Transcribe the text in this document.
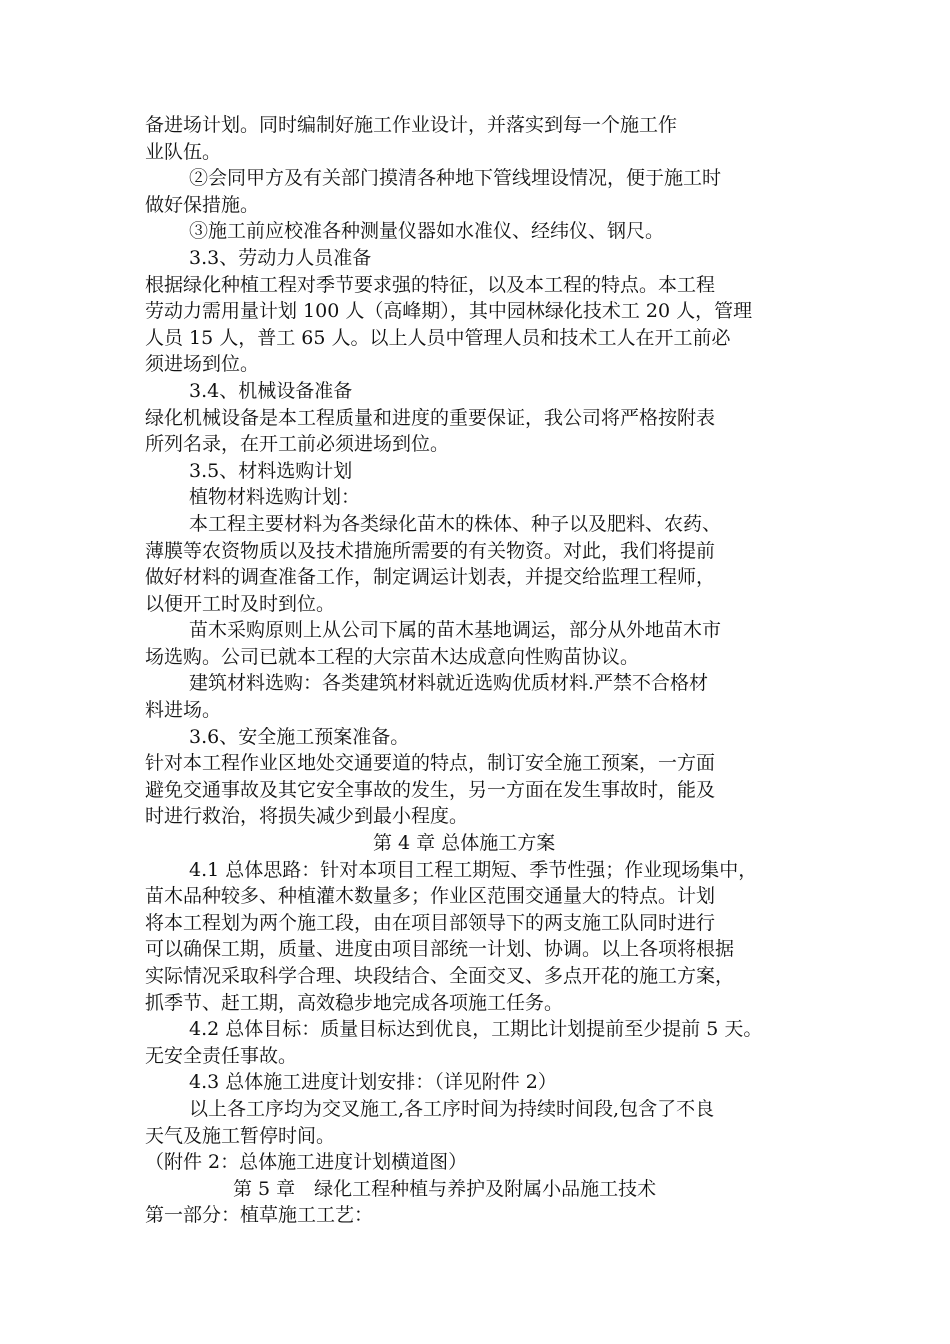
备进场计划。同时编制好施工作业设计，并落实到每一个施工作
业队伍。
②会同甲方及有关部门摸清各种地下管线埋设情况，便于施工时
做好保措施。
③施工前应校准各种测量仪器如水准仪、经纬仪、钢尺。
3.3、劳动力人员准备
根据绿化种植工程对季节要求强的特征，以及本工程的特点。本工程
劳动力需用量计划 100 人（高峰期），其中园林绿化技术工 20 人，管理
人员 15 人，普工 65 人。以上人员中管理人员和技术工人在开工前必
须进场到位。
3.4、机械设备准备
绿化机械设备是本工程质量和进度的重要保证，我公司将严格按附表
所列名录，在开工前必须进场到位。
3.5、材料选购计划
植物材料选购计划：
本工程主要材料为各类绿化苗木的株体、种子以及肥料、农药、
薄膜等农资物质以及技术措施所需要的有关物资。对此，我们将提前
做好材料的调查准备工作，制定调运计划表，并提交给监理工程师，
以便开工时及时到位。
苗木采购原则上从公司下属的苗木基地调运，部分从外地苗木市
场选购。公司已就本工程的大宗苗木达成意向性购苗协议。
建筑材料选购：各类建筑材料就近选购优质材料.严禁不合格材
料进场。
3.6、安全施工预案准备。
针对本工程作业区地处交通要道的特点，制订安全施工预案，一方面
避免交通事故及其它安全事故的发生，另一方面在发生事故时，能及
时进行救治，将损失减少到最小程度。
第 4 章 总体施工方案
4.1 总体思路：针对本项目工程工期短、季节性强；作业现场集中，
苗木品种较多、种植灌木数量多；作业区范围交通量大的特点。计划
将本工程划为两个施工段，由在项目部领导下的两支施工队同时进行
可以确保工期，质量、进度由项目部统一计划、协调。以上各项将根据
实际情况采取科学合理、块段结合、全面交叉、多点开花的施工方案，
抓季节、赶工期，高效稳步地完成各项施工任务。
4.2 总体目标：质量目标达到优良，工期比计划提前至少提前 5 天。
无安全责任事故。
4.3 总体施工进度计划安排：（详见附件 2）
以上各工序均为交叉施工,各工序时间为持续时间段,包含了不良
天气及施工暂停时间。
（附件 2：总体施工进度计划横道图）
第 5 章　绿化工程种植与养护及附属小品施工技术
第一部分：植草施工工艺：
